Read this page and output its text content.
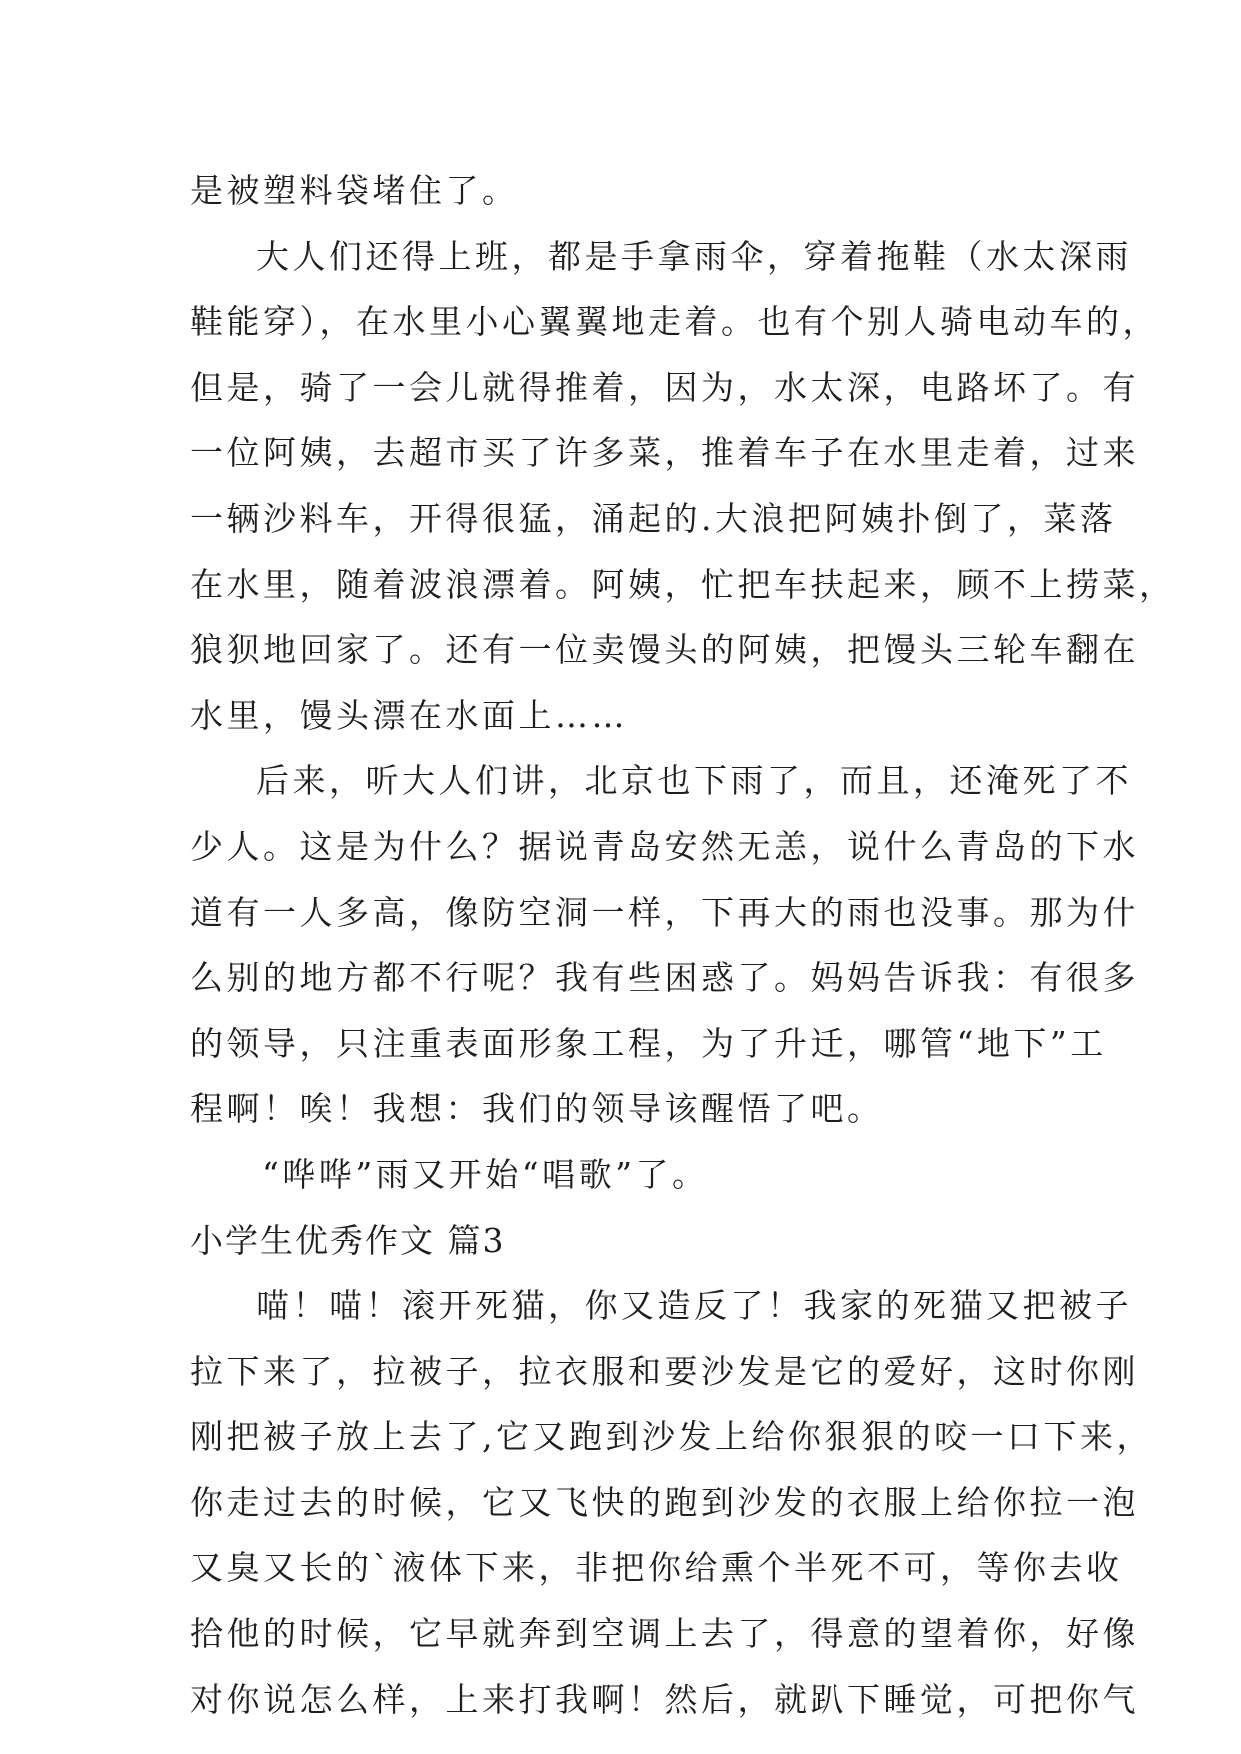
是被塑料袋堵住了。
大人们还得上班，都是手拿雨伞，穿着拖鞋（水太深雨
鞋能穿），在水里小心翼翼地走着。也有个别人骑电动车的，
但是，骑了一会儿就得推着，因为，水太深，电路坏了。有
一位阿姨，去超市买了许多菜，推着车子在水里走着，过来
一辆沙料车，开得很猛，涌起的.大浪把阿姨扑倒了，菜落
在水里，随着波浪漂着。阿姨，忙把车扶起来，顾不上捞菜，
狼狈地回家了。还有一位卖馒头的阿姨，把馒头三轮车翻在
水里，馒头漂在水面上……
后来，听大人们讲，北京也下雨了，而且，还淹死了不
少人。这是为什么？据说青岛安然无恙，说什么青岛的下水
道有一人多高，像防空洞一样，下再大的雨也没事。那为什
么别的地方都不行呢？我有些困惑了。妈妈告诉我：有很多
的领导，只注重表面形象工程，为了升迁，哪管“地下”工
程啊！唉！我想：我们的领导该醒悟了吧。
“哗哗”雨又开始“唱歌”了。
小学生优秀作文 篇3
喵！喵！滚开死猫，你又造反了！我家的死猫又把被子
拉下来了，拉被子，拉衣服和要沙发是它的爱好，这时你刚
刚把被子放上去了,它又跑到沙发上给你狠狠的咬一口下来，
你走过去的时候，它又飞快的跑到沙发的衣服上给你拉一泡
又臭又长的`液体下来，非把你给熏个半死不可，等你去收
拾他的时候，它早就奔到空调上去了，得意的望着你，好像
对你说怎么样，上来打我啊！然后，就趴下睡觉，可把你气
